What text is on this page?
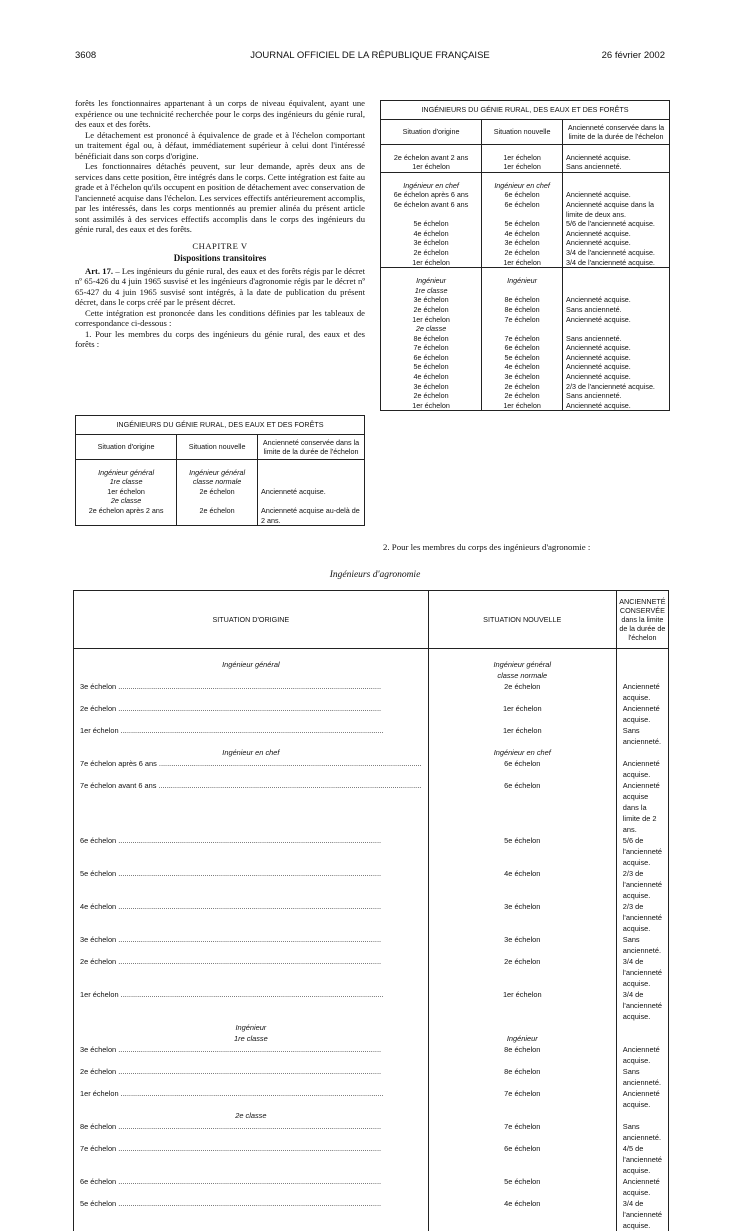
3608	JOURNAL OFFICIEL DE LA RÉPUBLIQUE FRANÇAISE	26 février 2002

forêts les fonctionnaires appartenant à un corps de niveau équivalent, ayant une expérience ou une technicité recherchée pour le corps des ingénieurs du génie rural, des eaux et des forêts.

Le détachement est prononcé à équivalence de grade et à l'échelon comportant un traitement égal ou, à défaut, immédiatement supérieur à celui dont l'intéressé bénéficiait dans son corps d'origine.

Les fonctionnaires détachés peuvent, sur leur demande, après deux ans de services dans cette position, être intégrés dans le corps. Cette intégration est faite au grade et à l'échelon qu'ils occupent en position de détachement avec conservation de l'ancienneté acquise dans l'échelon. Les services effectifs antérieurement accomplis, par les intéressés, dans les corps mentionnés au premier alinéa du présent article sont assimilés à des services effectifs accomplis dans le corps des ingénieurs du génie rural, des eaux et des forêts.

CHAPITRE V
Dispositions transitoires

Art. 17. – Les ingénieurs du génie rural, des eaux et des forêts régis par le décret nº 65-426 du 4 juin 1965 susvisé et les ingénieurs d'agronomie régis par le décret nº 65-427 du 4 juin 1965 susvisé sont intégrés, à la date de publication du présent décret, dans le corps créé par le présent décret.

Cette intégration est prononcée dans les conditions définies par les tableaux de correspondance ci-dessous :

1. Pour les membres du corps des ingénieurs du génie rural, des eaux et des forêts :

INGÉNIEURS DU GÉNIE RURAL, DES EAUX ET DES FORÊTS		
Situation d'origine	Situation nouvelle	Ancienneté conservée dans la limite de la durée de l'échelon
Ingénieur général	Ingénieur général	
1re classe	classe normale	
1er échelon	2e échelon	Ancienneté acquise.
2e classe		
2e échelon après 2 ans	2e échelon	Ancienneté acquise au-delà de 2 ans.
INGÉNIEURS DU GÉNIE RURAL, DES EAUX ET DES FORÊTS		
Situation d'origine	Situation nouvelle	Ancienneté conservée dans la limite de la durée de l'échelon
2e échelon avant 2 ans	1er échelon	Ancienneté acquise.
1er échelon	1er échelon	Sans ancienneté.
Ingénieur en chef	Ingénieur en chef	
6e échelon après 6 ans	6e échelon	Ancienneté acquise.
6e échelon avant 6 ans	6e échelon	Ancienneté acquise dans la limite de deux ans.
5e échelon	5e échelon	5/6 de l'ancienneté acquise.
4e échelon	4e échelon	Ancienneté acquise.
3e échelon	3e échelon	Ancienneté acquise.
2e échelon	2e échelon	3/4 de l'ancienneté acquise.
1er échelon	1er échelon	3/4 de l'ancienneté acquise.
Ingénieur	Ingénieur	
1re classe		
3e échelon	8e échelon	Ancienneté acquise.
2e échelon	8e échelon	Sans ancienneté.
1er échelon	7e échelon	Ancienneté acquise.
2e classe		
8e échelon	7e échelon	Sans ancienneté.
7e échelon	6e échelon	Ancienneté acquise.
6e échelon	5e échelon	Ancienneté acquise.
5e échelon	4e échelon	Ancienneté acquise.
4e échelon	3e échelon	Ancienneté acquise.
3e échelon	2e échelon	2/3 de l'ancienneté acquise.
2e échelon	2e échelon	Sans ancienneté.
1er échelon	1er échelon	Ancienneté acquise.
2. Pour les membres du corps des ingénieurs d'agronomie :
Ingénieurs d'agronomie
SITUATION D'ORIGINE	SITUATION NOUVELLE	ANCIENNETÉ CONSERVÉE dans la limite de la durée de l'échelon
Ingénieur général	Ingénieur général	
	classe normale	

3e échelon .....	2e échelon	Ancienneté acquise.
2e échelon .....	1er échelon	Ancienneté acquise.
1er échelon .....	1er échelon	Sans ancienneté.

Ingénieur en chef	Ingénieur en chef	

7e échelon après 6 ans .....	6e échelon	Ancienneté acquise.
7e échelon avant 6 ans .....	6e échelon	Ancienneté acquise dans la limite de 2 ans.
6e échelon .....	5e échelon	5/6 de l'ancienneté acquise.
5e échelon .....	4e échelon	2/3 de l'ancienneté acquise.
4e échelon .....	3e échelon	2/3 de l'ancienneté acquise.
3e échelon .....	3e échelon	Sans ancienneté.
2e échelon .....	2e échelon	3/4 de l'ancienneté acquise.
1er échelon .....	1er échelon	3/4 de l'ancienneté acquise.

Ingénieur		
1re classe	Ingénieur	

3e échelon .....	8e échelon	Ancienneté acquise.
2e échelon .....	8e échelon	Sans ancienneté.
1er échelon .....	7e échelon	Ancienneté acquise.

2e classe		

8e échelon .....	7e échelon	Sans ancienneté.
7e échelon .....	6e échelon	4/5 de l'ancienneté acquise.
6e échelon .....	5e échelon	Ancienneté acquise.
5e échelon .....	4e échelon	3/4 de l'ancienneté acquise.
